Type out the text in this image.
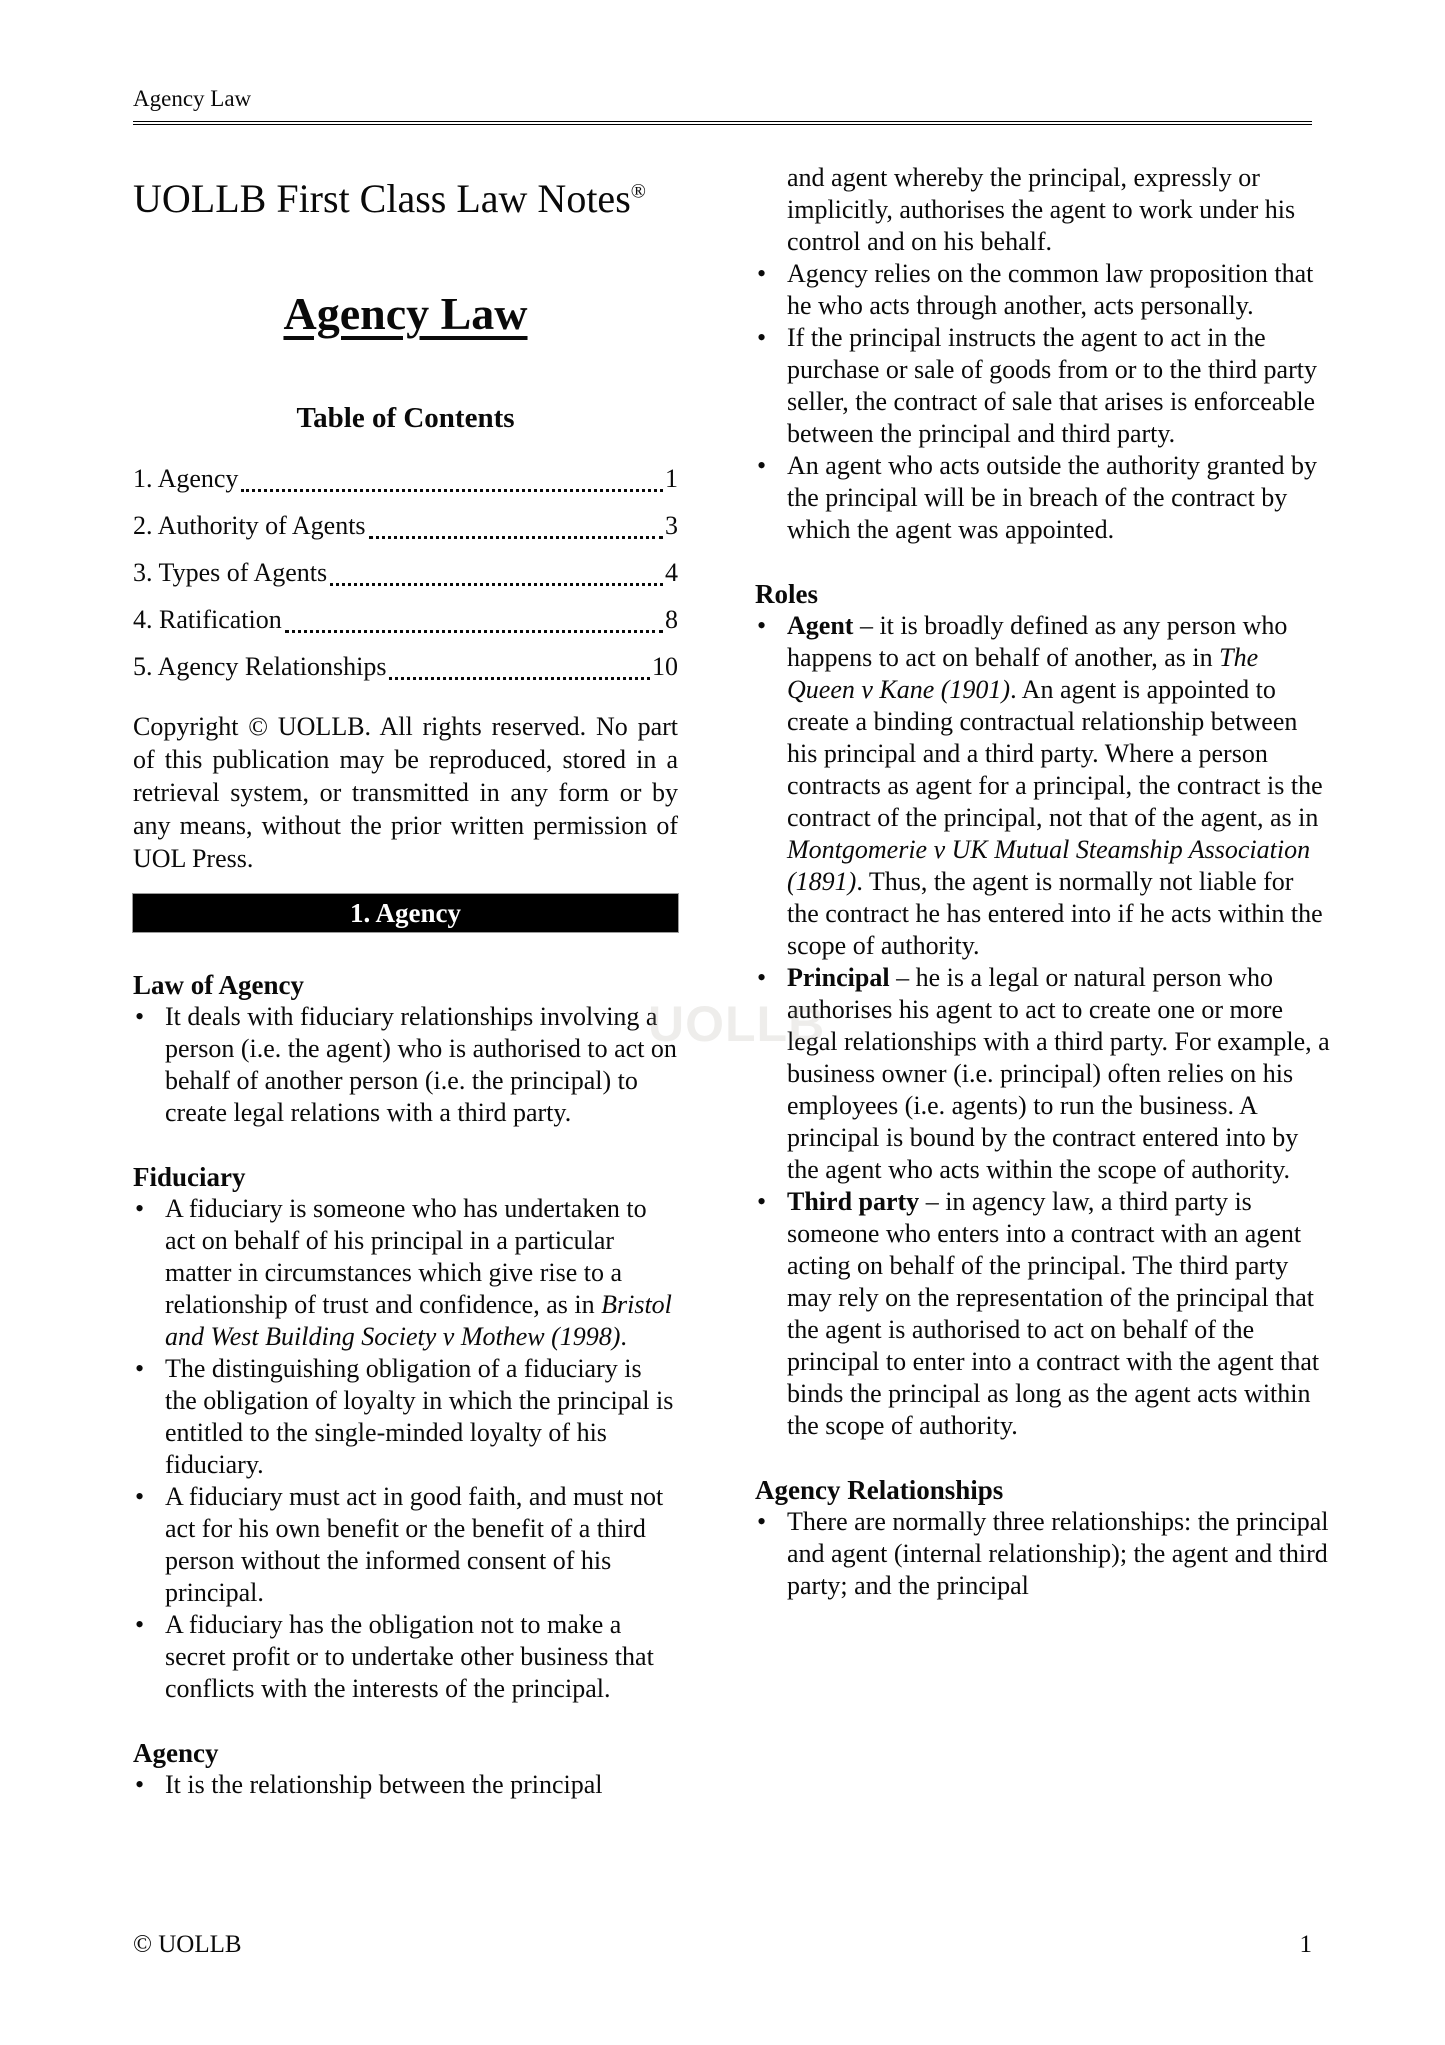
Agency Law
UOLLB First Class Law Notes®
Agency Law
Table of Contents
1. Agency	1
2. Authority of Agents	3
3. Types of Agents	4
4. Ratification	8
5. Agency Relationships	10

Copyright © UOLLB. All rights reserved. No part of this publication may be reproduced, stored in a retrieval system, or transmitted in any form or by any means, without the prior written permission of UOL Press.

1. Agency
Law of Agency
• It deals with fiduciary relationships involving a person (i.e. the agent) who is authorised to act on behalf of another person (i.e. the principal) to create legal relations with a third party.
Fiduciary
• A fiduciary is someone who has undertaken to act on behalf of his principal in a particular matter in circumstances which give rise to a relationship of trust and confidence, as in Bristol and West Building Society v Mothew (1998).
• The distinguishing obligation of a fiduciary is the obligation of loyalty in which the principal is entitled to the single-minded loyalty of his fiduciary.
• A fiduciary must act in good faith, and must not act for his own benefit or the benefit of a third person without the informed consent of his principal.
• A fiduciary has the obligation not to make a secret profit or to undertake other business that conflicts with the interests of the principal.
Agency
• It is the relationship between the principal

and agent whereby the principal, expressly or implicitly, authorises the agent to work under his control and on his behalf.

• Agency relies on the common law proposition that he who acts through another, acts personally.
• If the principal instructs the agent to act in the purchase or sale of goods from or to the third party seller, the contract of sale that arises is enforceable between the principal and third party.
• An agent who acts outside the authority granted by the principal will be in breach of the contract by which the agent was appointed.
Roles
• Agent – it is broadly defined as any person who happens to act on behalf of another, as in The Queen v Kane (1901). An agent is appointed to create a binding contractual relationship between his principal and a third party. Where a person contracts as agent for a principal, the contract is the contract of the principal, not that of the agent, as in Montgomerie v UK Mutual Steamship Association (1891). Thus, the agent is normally not liable for the contract he has entered into if he acts within the scope of authority.
• Principal – he is a legal or natural person who authorises his agent to act to create one or more legal relationships with a third party. For example, a business owner (i.e. principal) often relies on his employees (i.e. agents) to run the business. A principal is bound by the contract entered into by the agent who acts within the scope of authority.
• Third party – in agency law, a third party is someone who enters into a contract with an agent acting on behalf of the principal. The third party may rely on the representation of the principal that the agent is authorised to act on behalf of the principal to enter into a contract with the agent that binds the principal as long as the agent acts within the scope of authority.
Agency Relationships
• There are normally three relationships: the principal and agent (internal relationship); the agent and third party; and the principal
UOLLB
© UOLLB	1
